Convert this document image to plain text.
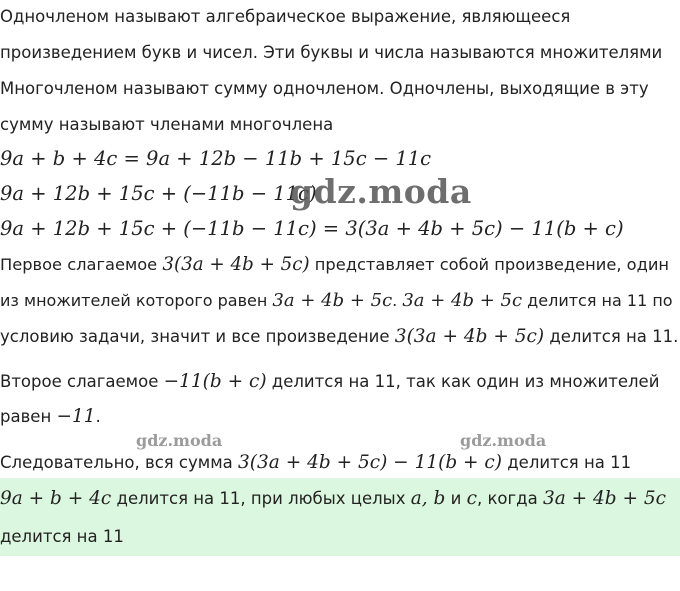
Одночленом называют алгебраическое выражение, являющееся
произведением букв и чисел. Эти буквы и числа называются множителями
Многочленом называют сумму одночленом. Одночлены, выходящие в эту
сумму называют членами многочлена
9a + b + 4c = 9a + 12b − 11b + 15c − 11c
9a + 12b + 15c + (−11b − 11c)
9a + 12b + 15c + (−11b − 11c) = 3(3a + 4b + 5c) − 11(b + c)
Первое слагаемое 3(3a + 4b + 5c) представляет собой произведение, один
из множителей которого равен 3a + 4b + 5c. 3a + 4b + 5c делится на 11 по
условию задачи, значит и все произведение 3(3a + 4b + 5c) делится на 11.
Второе слагаемое −11(b + c) делится на 11, так как один из множителей
равен −11.
Следовательно, вся сумма 3(3a + 4b + 5c) − 11(b + c) делится на 11
9a + b + 4c делится на 11, при любых целых a, b и c, когда 3a + 4b + 5c
делится на 11
gdz.moda
gdz.moda	gdz.moda
